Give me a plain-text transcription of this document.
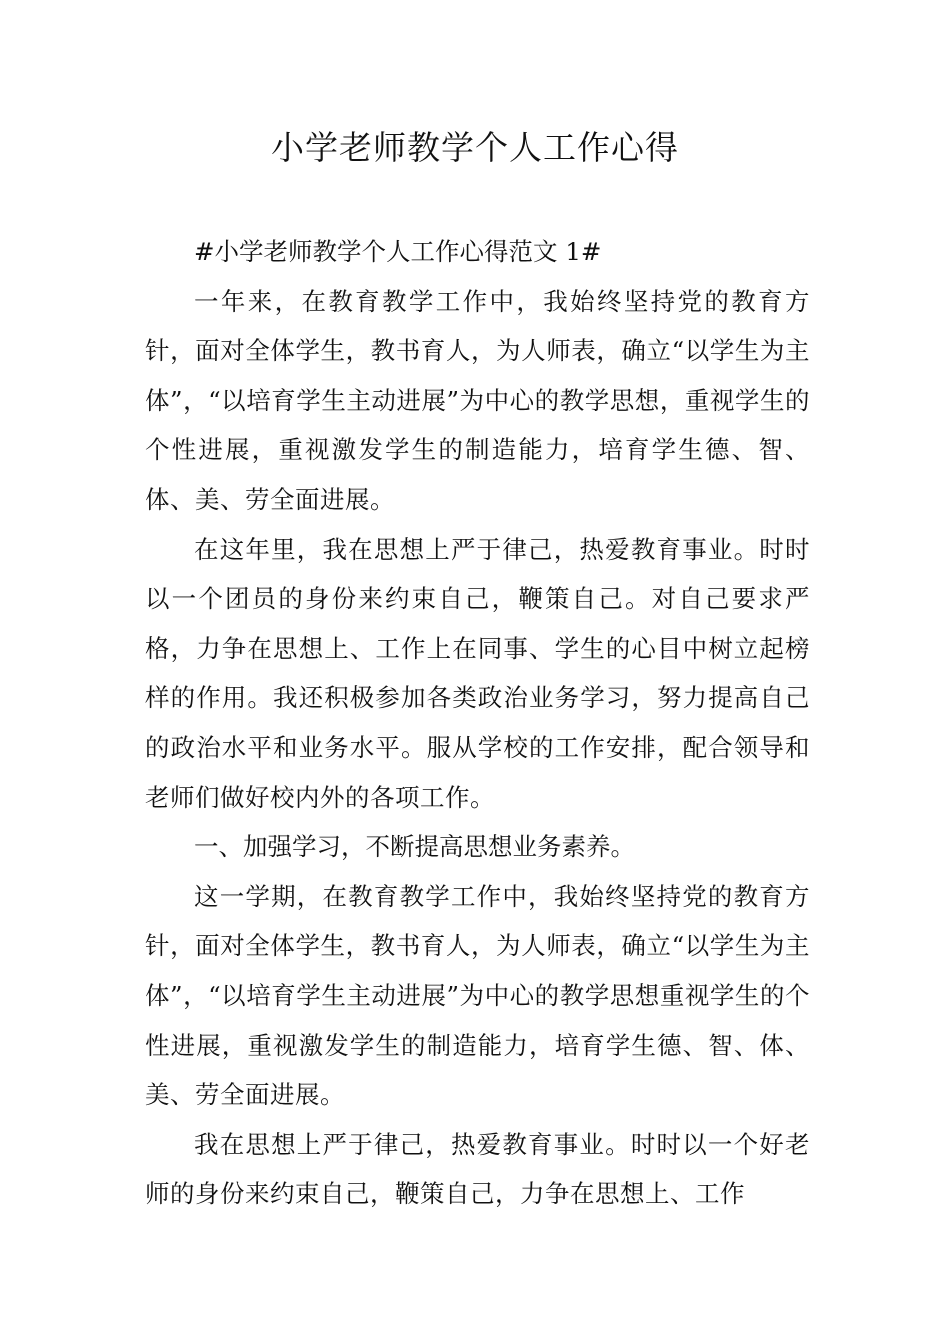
小学老师教学个人工作心得

#小学老师教学个人工作心得范文 1#

一年来，在教育教学工作中，我始终坚持党的教育方针，面对全体学生，教书育人，为人师表，确立“以学生为主体”，“以培育学生主动进展”为中心的教学思想，重视学生的个性进展，重视激发学生的制造能力，培育学生德、智、体、美、劳全面进展。

在这年里，我在思想上严于律己，热爱教育事业。时时以一个团员的身份来约束自己，鞭策自己。对自己要求严格，力争在思想上、工作上在同事、学生的心目中树立起榜样的作用。我还积极参加各类政治业务学习，努力提高自己的政治水平和业务水平。服从学校的工作安排，配合领导和老师们做好校内外的各项工作。

一、加强学习，不断提高思想业务素养。

这一学期，在教育教学工作中，我始终坚持党的教育方针，面对全体学生，教书育人，为人师表，确立“以学生为主体”，“以培育学生主动进展”为中心的教学思想重视学生的个性进展，重视激发学生的制造能力，培育学生德、智、体、美、劳全面进展。

我在思想上严于律己，热爱教育事业。时时以一个好老师的身份来约束自己，鞭策自己，力争在思想上、工作
